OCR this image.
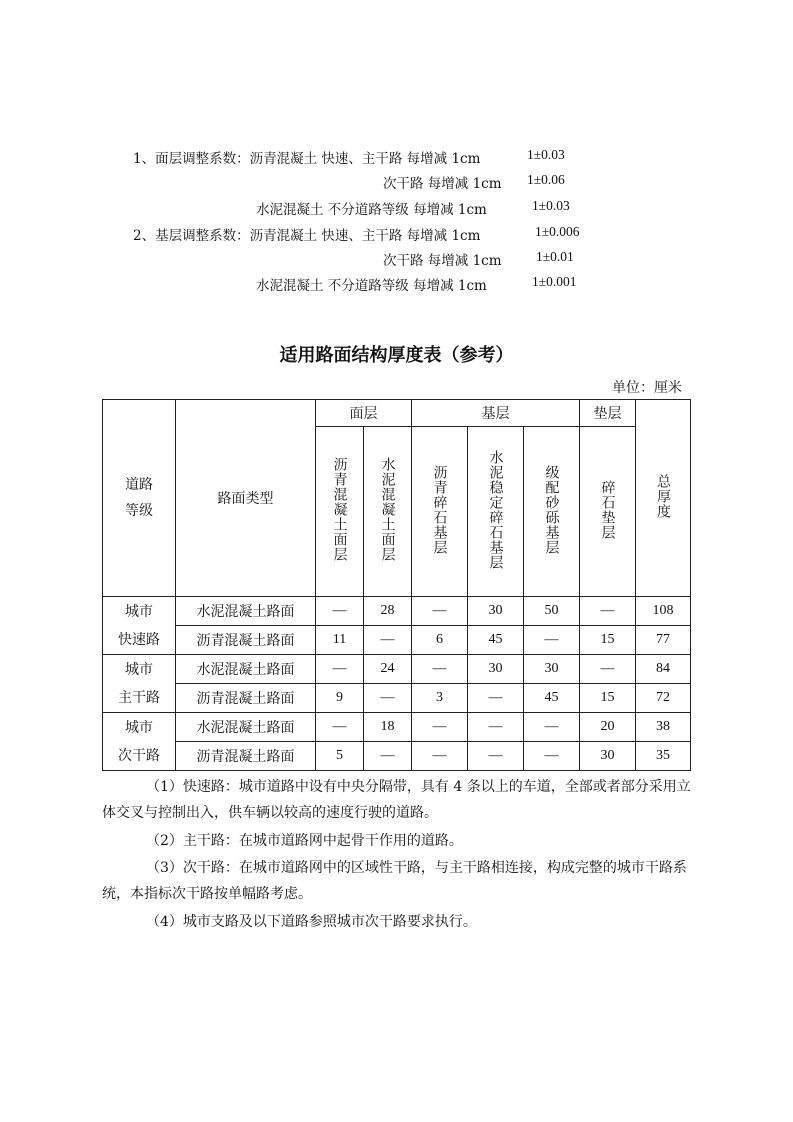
1、面层调整系数：沥青混凝土 快速、主干路 每增减 1cm	1±0.03
次干路 每增减 1cm 1±0.06
水泥混凝土 不分道路等级 每增减 1cm	1±0.03
2、基层调整系数：沥青混凝土 快速、主干路 每增减 1cm	1±0.006
次干路 每增减 1cm	1±0.01
水泥混凝土 不分道路等级 每增减 1cm	1±0.001
适用路面结构厚度表（参考）
单位：厘米
道路等级	路面类型	面层		基层			垫层	总厚度
		沥青混凝土面层	水泥混凝土面层	沥青碎石基层	水泥稳定碎石基层	级配砂砾基层	碎石垫层	

城市
快速路	水泥混凝土路面	—	28	—	30	50	—	108
	沥青混凝土路面	11	—	6	45	—	15	77

城市
主干路	水泥混凝土路面	—	24	—	30	30	—	84
	沥青混凝土路面	9	—	3	—	45	15	72

城市
次干路	水泥混凝土路面	—	18	—	—	—	20	38
	沥青混凝土路面	5	—	—	—	—	30	35
（1）快速路：城市道路中设有中央分隔带，具有 4 条以上的车道，全部或者部分采用立体交叉与控制出入，供车辆以较高的速度行驶的道路。
（2）主干路：在城市道路网中起骨干作用的道路。
（3）次干路：在城市道路网中的区域性干路，与主干路相连接，构成完整的城市干路系统，本指标次干路按单幅路考虑。
（4）城市支路及以下道路参照城市次干路要求执行。
